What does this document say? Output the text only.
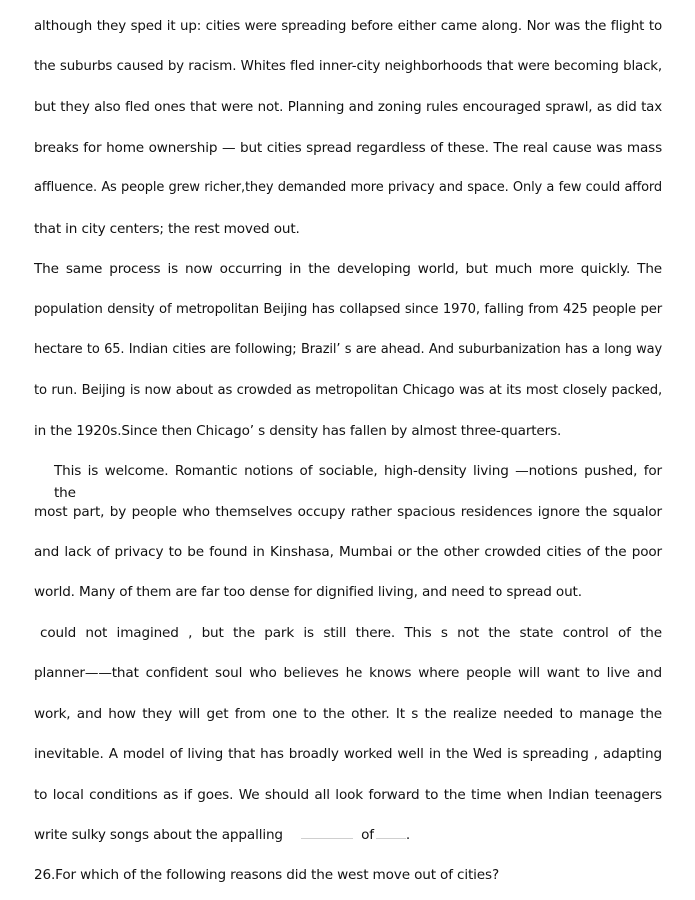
although they sped it up: cities were spreading before either came along. Nor was the flight to
the suburbs caused by racism. Whites fled inner-city neighborhoods that were becoming black,
but they also fled ones that were not. Planning and zoning rules encouraged sprawl, as did tax
breaks for home ownership — but cities spread regardless of these. The real cause was mass
affluence. As people grew richer,they demanded more privacy and space. Only a few could afford
that in city centers; the rest moved out.
The same process is now occurring in the developing world, but much more quickly. The
population density of metropolitan Beijing has collapsed since 1970, falling from 425 people per
hectare to 65. Indian cities are following; Brazil’ s are ahead. And suburbanization has a long way
to run. Beijing is now about as crowded as metropolitan Chicago was at its most closely packed,
in the 1920s.Since then Chicago’ s density has fallen by almost three-quarters.
This is welcome. Romantic notions of sociable, high-density living —notions pushed, for the
most part, by people who themselves occupy rather spacious residences ignore the squalor
and lack of privacy to be found in Kinshasa, Mumbai or the other crowded cities of the poor
world. Many of them are far too dense for dignified living, and need to spread out.
could not imagined , but the park is still there. This s not the state control of the
planner——that confident soul who believes he knows where people will want to live and
work, and how they will get from one to the other. It s the realize needed to manage the
inevitable. A model of living that has broadly worked well in the Wed is spreading , adapting
to local conditions as if goes. We should all look forward to the time when Indian teenagers
write sulky songs about the appalling	of .
26.For which of the following reasons did the west move out of cities?
